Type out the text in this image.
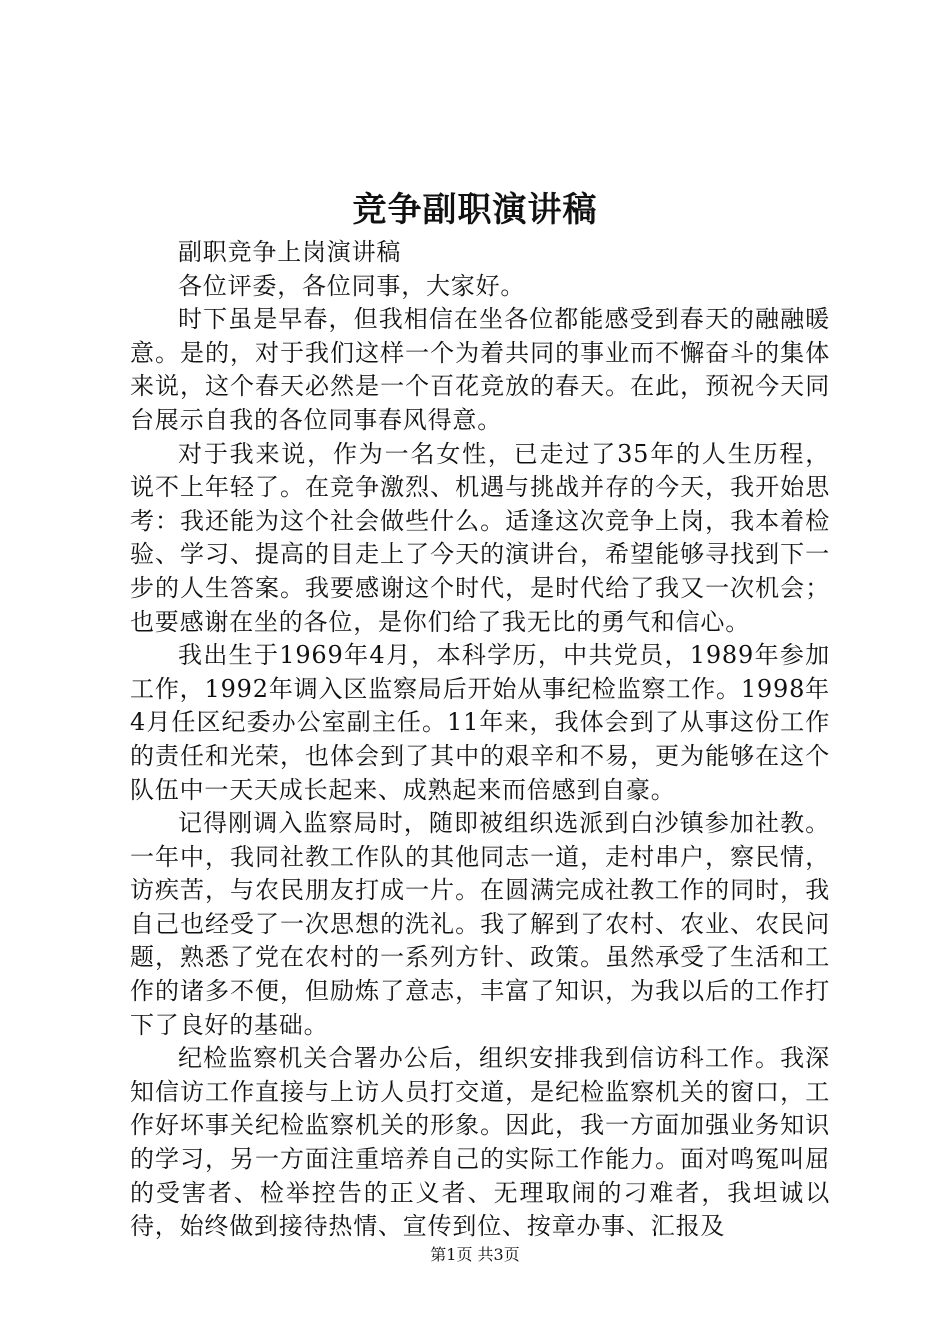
竞争副职演讲稿

副职竞争上岗演讲稿

各位评委，各位同事，大家好。

时下虽是早春，但我相信在坐各位都能感受到春天的融融暖意。是的，对于我们这样一个为着共同的事业而不懈奋斗的集体来说，这个春天必然是一个百花竞放的春天。在此，预祝今天同台展示自我的各位同事春风得意。

对于我来说，作为一名女性，已走过了35年的人生历程，说不上年轻了。在竞争激烈、机遇与挑战并存的今天，我开始思考：我还能为这个社会做些什么。适逢这次竞争上岗，我本着检验、学习、提高的目走上了今天的演讲台，希望能够寻找到下一步的人生答案。我要感谢这个时代，是时代给了我又一次机会；也要感谢在坐的各位，是你们给了我无比的勇气和信心。

我出生于1969年4月，本科学历，中共党员，1989年参加工作，1992年调入区监察局后开始从事纪检监察工作。1998年4月任区纪委办公室副主任。11年来，我体会到了从事这份工作的责任和光荣，也体会到了其中的艰辛和不易，更为能够在这个队伍中一天天成长起来、成熟起来而倍感到自豪。

记得刚调入监察局时，随即被组织选派到白沙镇参加社教。一年中，我同社教工作队的其他同志一道，走村串户，察民情，访疾苦，与农民朋友打成一片。在圆满完成社教工作的同时，我自己也经受了一次思想的洗礼。我了解到了农村、农业、农民问题，熟悉了党在农村的一系列方针、政策。虽然承受了生活和工作的诸多不便，但励炼了意志，丰富了知识，为我以后的工作打下了良好的基础。

纪检监察机关合署办公后，组织安排我到信访科工作。我深知信访工作直接与上访人员打交道，是纪检监察机关的窗口，工作好坏事关纪检监察机关的形象。因此，我一方面加强业务知识的学习，另一方面注重培养自己的实际工作能力。面对鸣冤叫屈的受害者、检举控告的正义者、无理取闹的刁难者，我坦诚以待，始终做到接待热情、宣传到位、按章办事、汇报及

第1页 共3页
